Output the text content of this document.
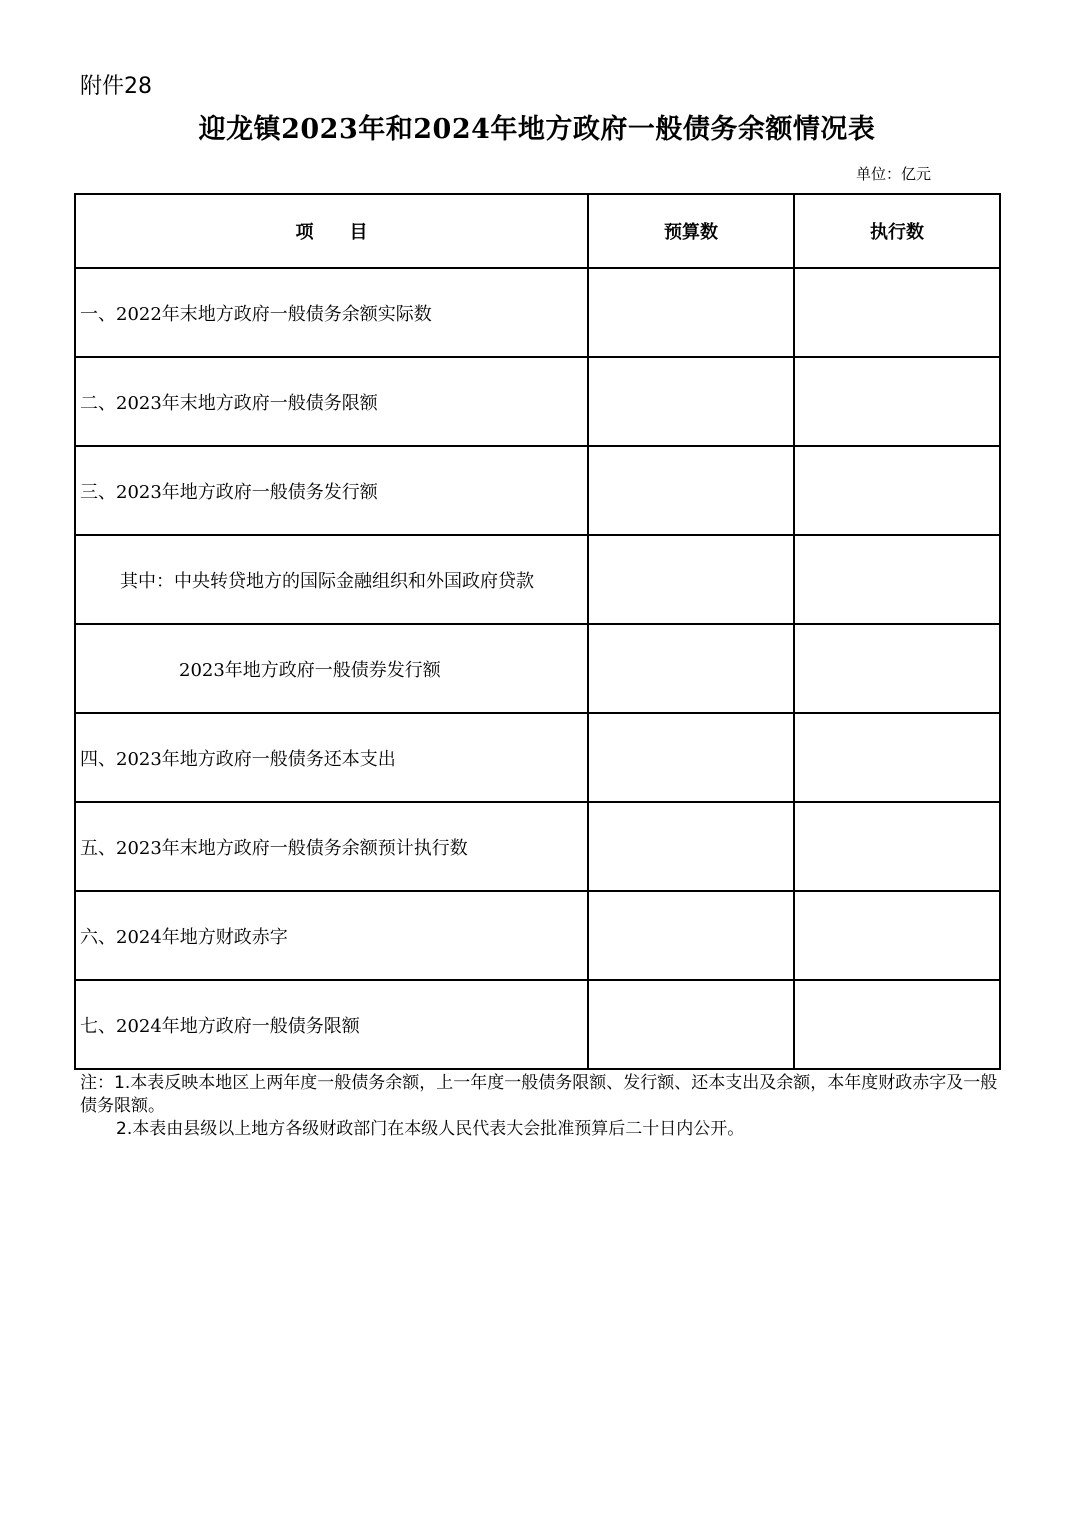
附件28
迎龙镇2023年和2024年地方政府一般债务余额情况表
单位：亿元
项　　目	预算数	执行数
一、2022年末地方政府一般债务余额实际数		
二、2023年末地方政府一般债务限额		
三、2023年地方政府一般债务发行额		
其中：中央转贷地方的国际金融组织和外国政府贷款		
2023年地方政府一般债券发行额		
四、2023年地方政府一般债务还本支出		
五、2023年末地方政府一般债务余额预计执行数		
六、2024年地方财政赤字		
七、2024年地方政府一般债务限额		

注：1.本表反映本地区上两年度一般债务余额，上一年度一般债务限额、发行额、还本支出及余额，本年度财政赤字及一般债务限额。

2.本表由县级以上地方各级财政部门在本级人民代表大会批准预算后二十日内公开。
